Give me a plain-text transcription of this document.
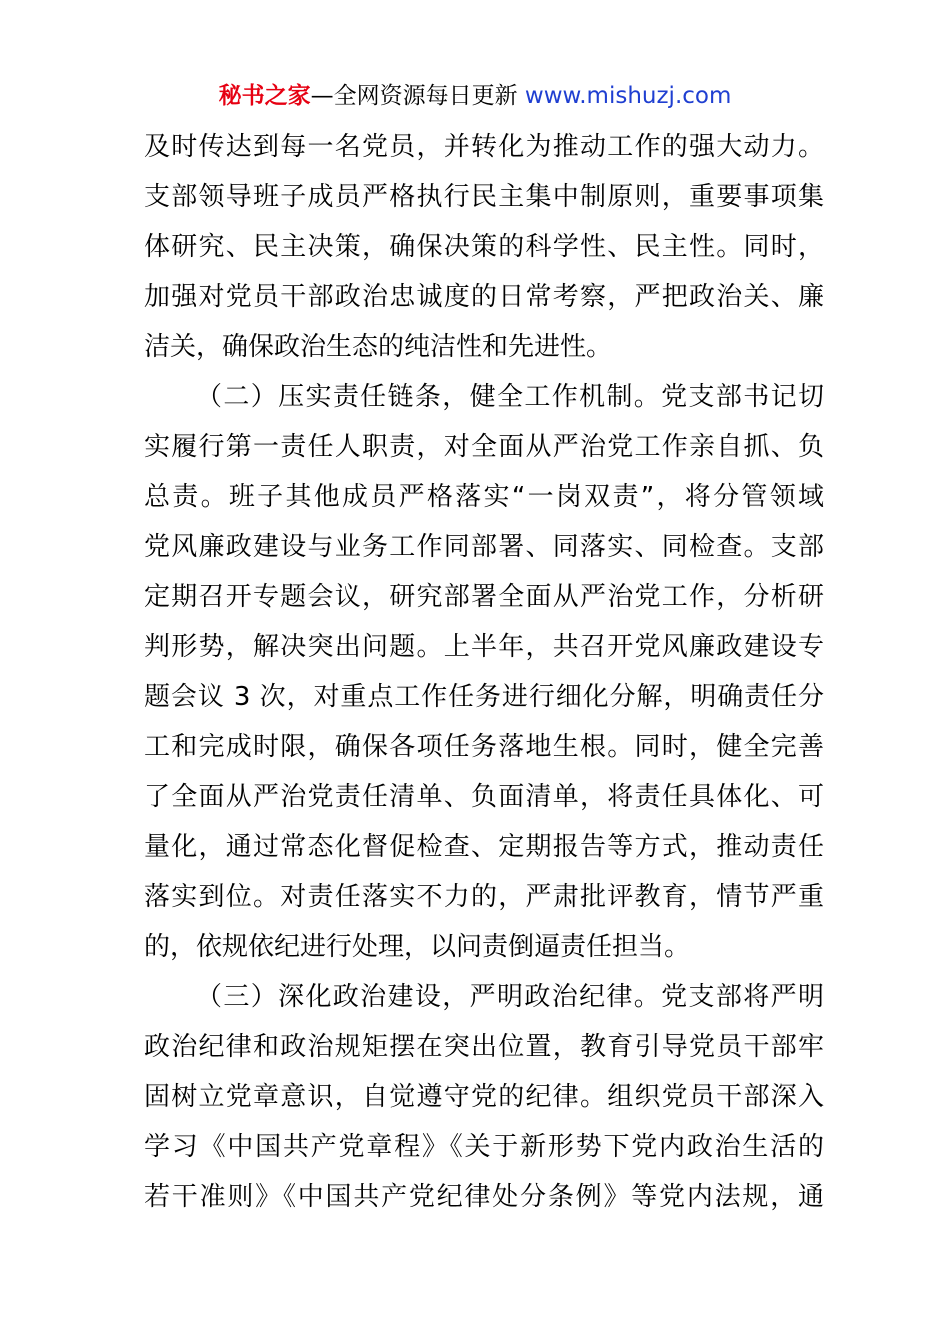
秘书之家—全网资源每日更新 www.mishuzj.com
及时传达到每一名党员，并转化为推动工作的强大动力。
支部领导班子成员严格执行民主集中制原则，重要事项集
体研究、民主决策，确保决策的科学性、民主性。同时，
加强对党员干部政治忠诚度的日常考察，严把政治关、廉
洁关，确保政治生态的纯洁性和先进性。
（二）压实责任链条，健全工作机制。党支部书记切
实履行第一责任人职责，对全面从严治党工作亲自抓、负
总责。班子其他成员严格落实“一岗双责”，将分管领域
党风廉政建设与业务工作同部署、同落实、同检查。支部
定期召开专题会议，研究部署全面从严治党工作，分析研
判形势，解决突出问题。上半年，共召开党风廉政建设专
题会议 3 次，对重点工作任务进行细化分解，明确责任分
工和完成时限，确保各项任务落地生根。同时，健全完善
了全面从严治党责任清单、负面清单，将责任具体化、可
量化，通过常态化督促检查、定期报告等方式，推动责任
落实到位。对责任落实不力的，严肃批评教育，情节严重
的，依规依纪进行处理，以问责倒逼责任担当。
（三）深化政治建设，严明政治纪律。党支部将严明
政治纪律和政治规矩摆在突出位置，教育引导党员干部牢
固树立党章意识，自觉遵守党的纪律。组织党员干部深入
学习《中国共产党章程》《关于新形势下党内政治生活的
若干准则》《中国共产党纪律处分条例》等党内法规，通
